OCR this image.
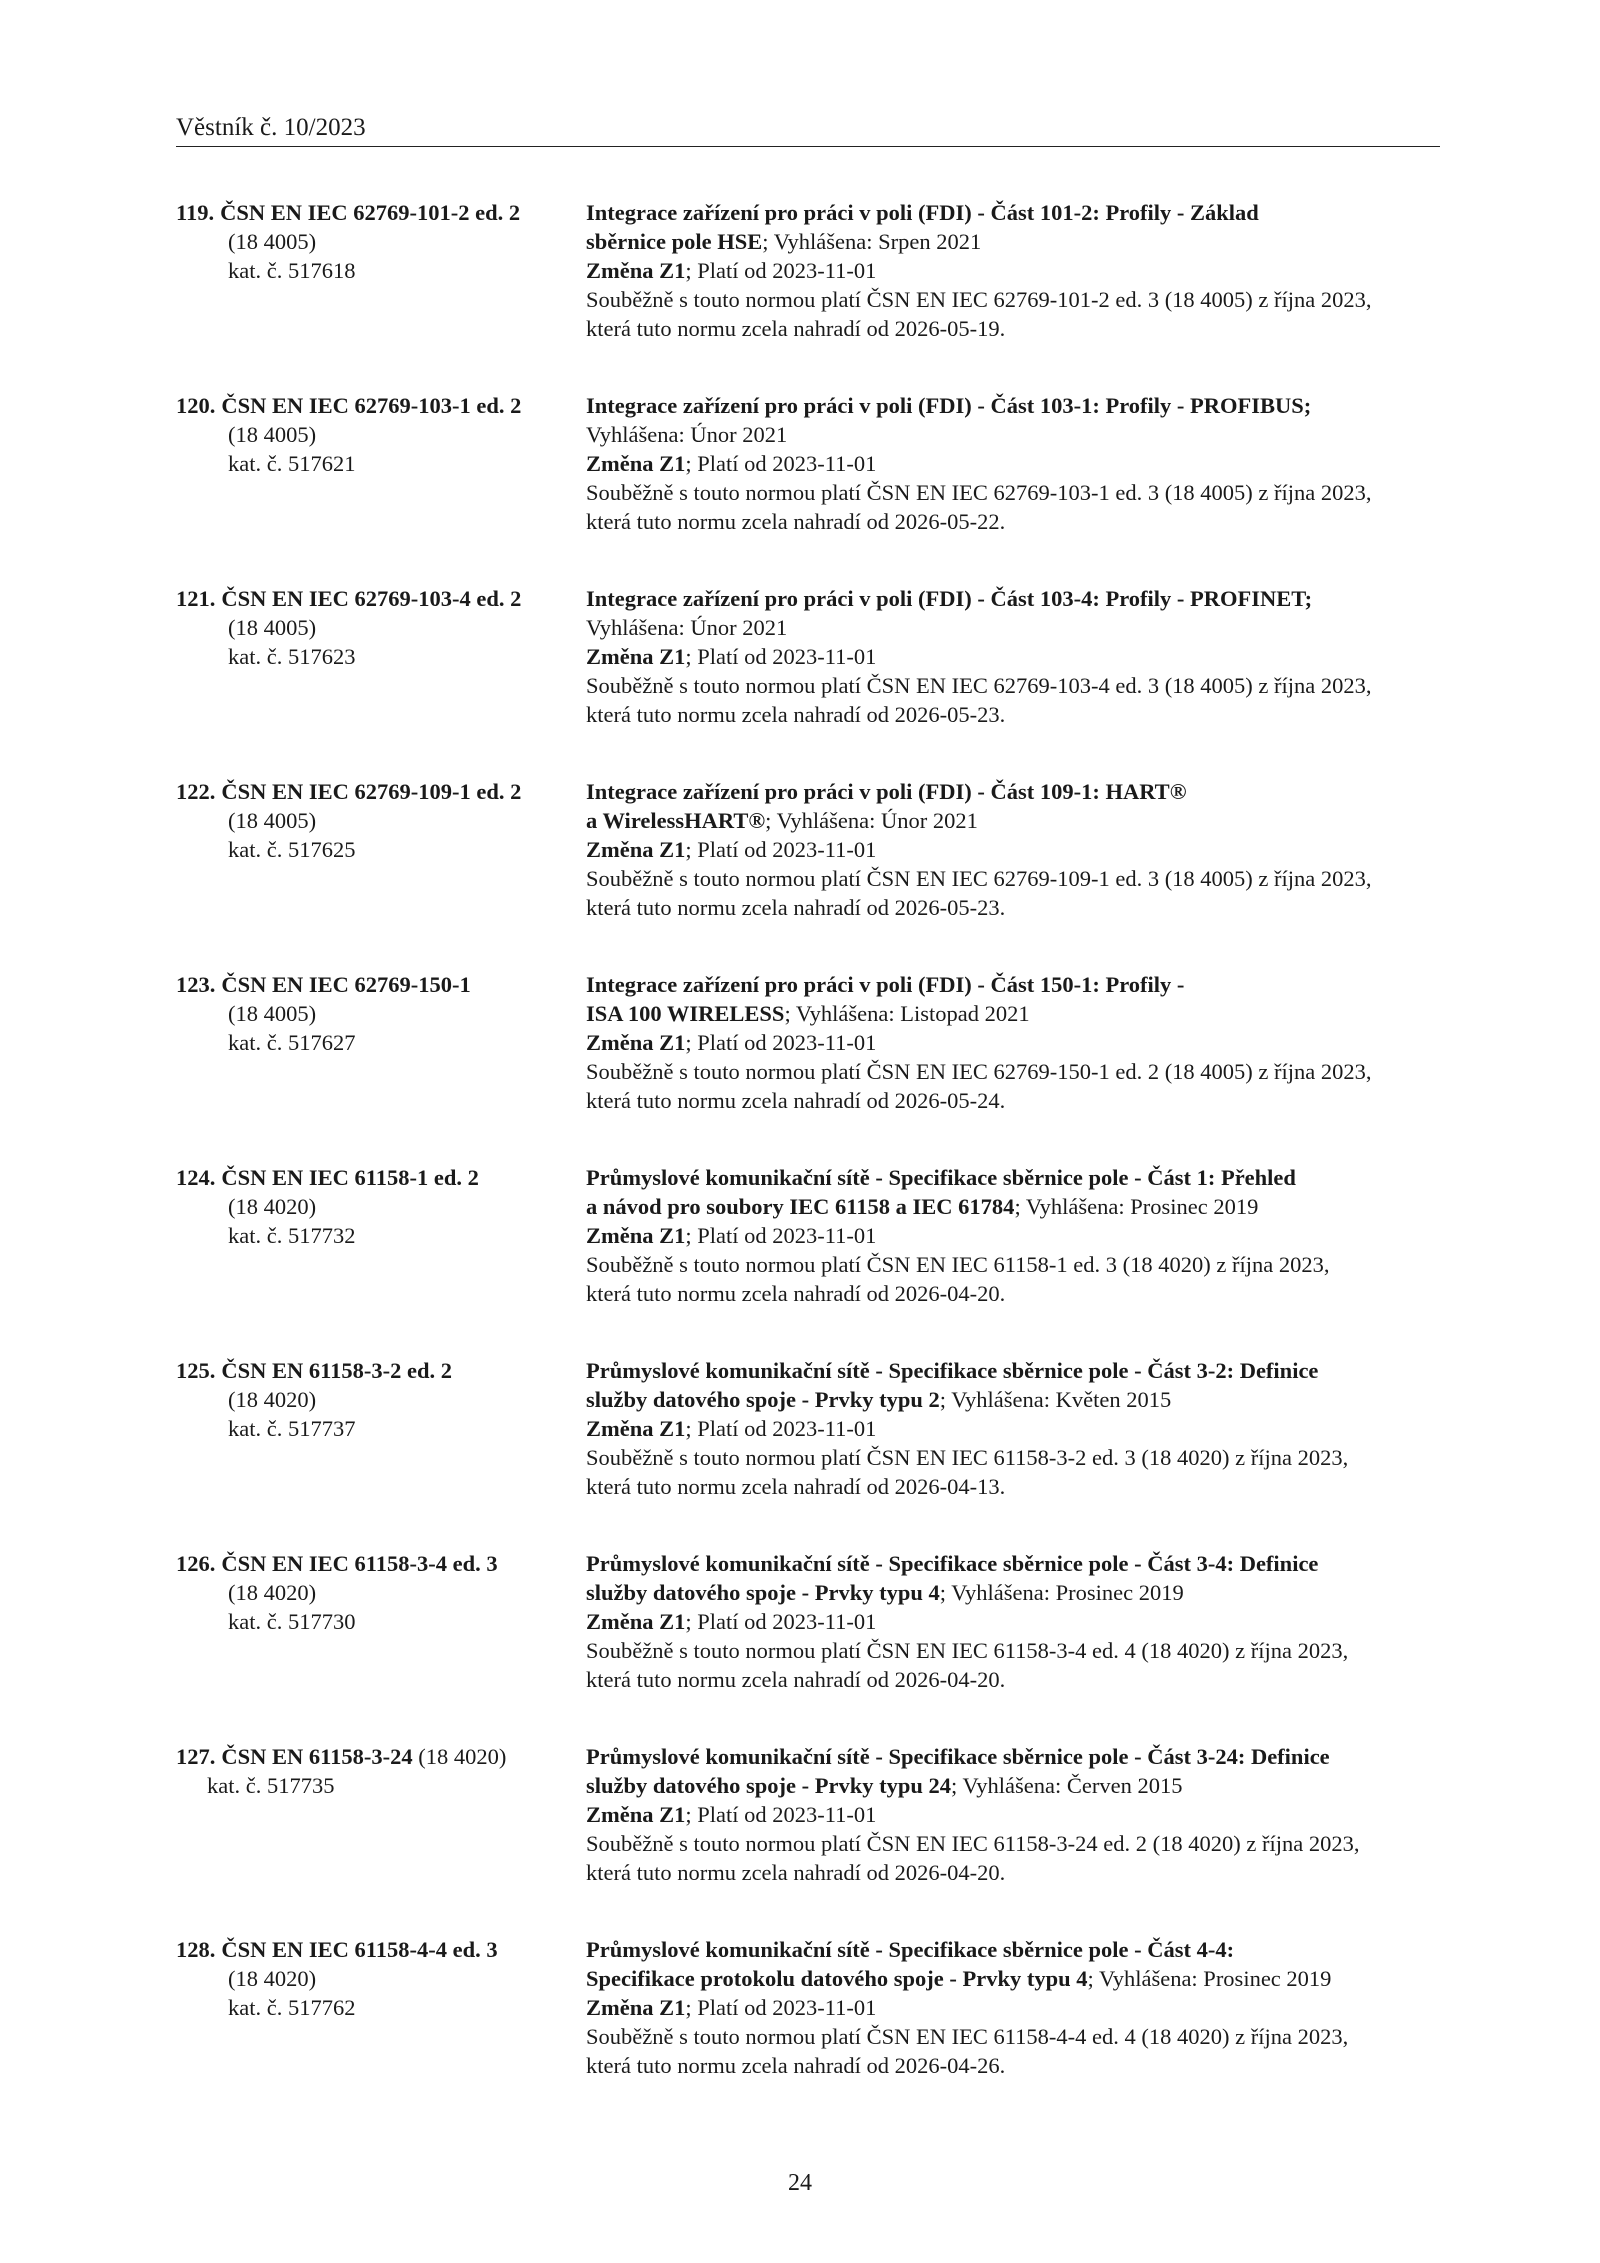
Věstník č. 10/2023
119. ČSN EN IEC 62769-101-2 ed. 2
(18 4005)
kat. č. 517618
Integrace zařízení pro práci v poli (FDI) - Část 101-2: Profily - Základ
sběrnice pole HSE; Vyhlášena: Srpen 2021
Změna Z1; Platí od 2023-11-01
Souběžně s touto normou platí ČSN EN IEC 62769-101-2 ed. 3 (18 4005) z října 2023,
která tuto normu zcela nahradí od 2026-05-19.
120. ČSN EN IEC 62769-103-1 ed. 2
(18 4005)
kat. č. 517621
Integrace zařízení pro práci v poli (FDI) - Část 103-1: Profily - PROFIBUS;
Vyhlášena: Únor 2021
Změna Z1; Platí od 2023-11-01
Souběžně s touto normou platí ČSN EN IEC 62769-103-1 ed. 3 (18 4005) z října 2023,
která tuto normu zcela nahradí od 2026-05-22.
121. ČSN EN IEC 62769-103-4 ed. 2
(18 4005)
kat. č. 517623
Integrace zařízení pro práci v poli (FDI) - Část 103-4: Profily - PROFINET;
Vyhlášena: Únor 2021
Změna Z1; Platí od 2023-11-01
Souběžně s touto normou platí ČSN EN IEC 62769-103-4 ed. 3 (18 4005) z října 2023,
která tuto normu zcela nahradí od 2026-05-23.
122. ČSN EN IEC 62769-109-1 ed. 2
(18 4005)
kat. č. 517625
Integrace zařízení pro práci v poli (FDI) - Část 109-1: HART®
a WirelessHART®; Vyhlášena: Únor 2021
Změna Z1; Platí od 2023-11-01
Souběžně s touto normou platí ČSN EN IEC 62769-109-1 ed. 3 (18 4005) z října 2023,
která tuto normu zcela nahradí od 2026-05-23.
123. ČSN EN IEC 62769-150-1
(18 4005)
kat. č. 517627
Integrace zařízení pro práci v poli (FDI) - Část 150-1: Profily -
ISA 100 WIRELESS; Vyhlášena: Listopad 2021
Změna Z1; Platí od 2023-11-01
Souběžně s touto normou platí ČSN EN IEC 62769-150-1 ed. 2 (18 4005) z října 2023,
která tuto normu zcela nahradí od 2026-05-24.
124. ČSN EN IEC 61158-1 ed. 2
(18 4020)
kat. č. 517732
Průmyslové komunikační sítě - Specifikace sběrnice pole - Část 1: Přehled
a návod pro soubory IEC 61158 a IEC 61784; Vyhlášena: Prosinec 2019
Změna Z1; Platí od 2023-11-01
Souběžně s touto normou platí ČSN EN IEC 61158-1 ed. 3 (18 4020) z října 2023,
která tuto normu zcela nahradí od 2026-04-20.
125. ČSN EN 61158-3-2 ed. 2
(18 4020)
kat. č. 517737
Průmyslové komunikační sítě - Specifikace sběrnice pole - Část 3-2: Definice
služby datového spoje - Prvky typu 2; Vyhlášena: Květen 2015
Změna Z1; Platí od 2023-11-01
Souběžně s touto normou platí ČSN EN IEC 61158-3-2 ed. 3 (18 4020) z října 2023,
která tuto normu zcela nahradí od 2026-04-13.
126. ČSN EN IEC 61158-3-4 ed. 3
(18 4020)
kat. č. 517730
Průmyslové komunikační sítě - Specifikace sběrnice pole - Část 3-4: Definice
služby datového spoje - Prvky typu 4; Vyhlášena: Prosinec 2019
Změna Z1; Platí od 2023-11-01
Souběžně s touto normou platí ČSN EN IEC 61158-3-4 ed. 4 (18 4020) z října 2023,
která tuto normu zcela nahradí od 2026-04-20.
127. ČSN EN 61158-3-24 (18 4020)
kat. č. 517735
Průmyslové komunikační sítě - Specifikace sběrnice pole - Část 3-24: Definice
služby datového spoje - Prvky typu 24; Vyhlášena: Červen 2015
Změna Z1; Platí od 2023-11-01
Souběžně s touto normou platí ČSN EN IEC 61158-3-24 ed. 2 (18 4020) z října 2023,
která tuto normu zcela nahradí od 2026-04-20.
128. ČSN EN IEC 61158-4-4 ed. 3
(18 4020)
kat. č. 517762
Průmyslové komunikační sítě - Specifikace sběrnice pole - Část 4-4:
Specifikace protokolu datového spoje - Prvky typu 4; Vyhlášena: Prosinec 2019
Změna Z1; Platí od 2023-11-01
Souběžně s touto normou platí ČSN EN IEC 61158-4-4 ed. 4 (18 4020) z října 2023,
která tuto normu zcela nahradí od 2026-04-26.
24
